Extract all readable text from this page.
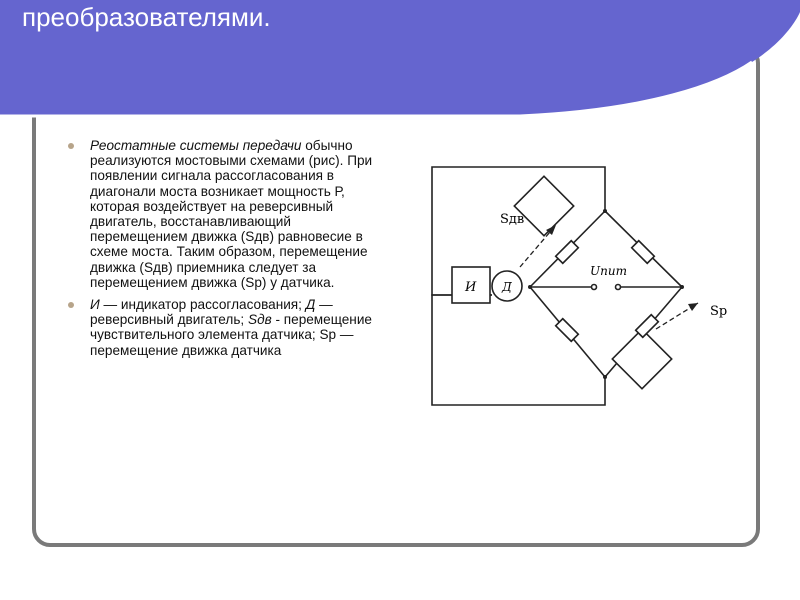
преобразователями.
Реостатные системы передачи обычно реализуются мостовыми схемами (рис). При появлении сигнала рассогласования в диагонали моста возникает мощность Р, которая воздействует на реверсивный двигатель, восстанавливающий перемещением движка (Sдв) равновесие в схеме моста. Таким образом, перемещение движка (Sдв) приемника следует за перемещением движка (Sр) у датчика.
И — индикатор рассогласования; Д — реверсивный двигатель; Sдв - перемещение чувствительного элемента датчика; Sр — перемещение движка датчика
И Д
Sдв
Uпит
Sр
